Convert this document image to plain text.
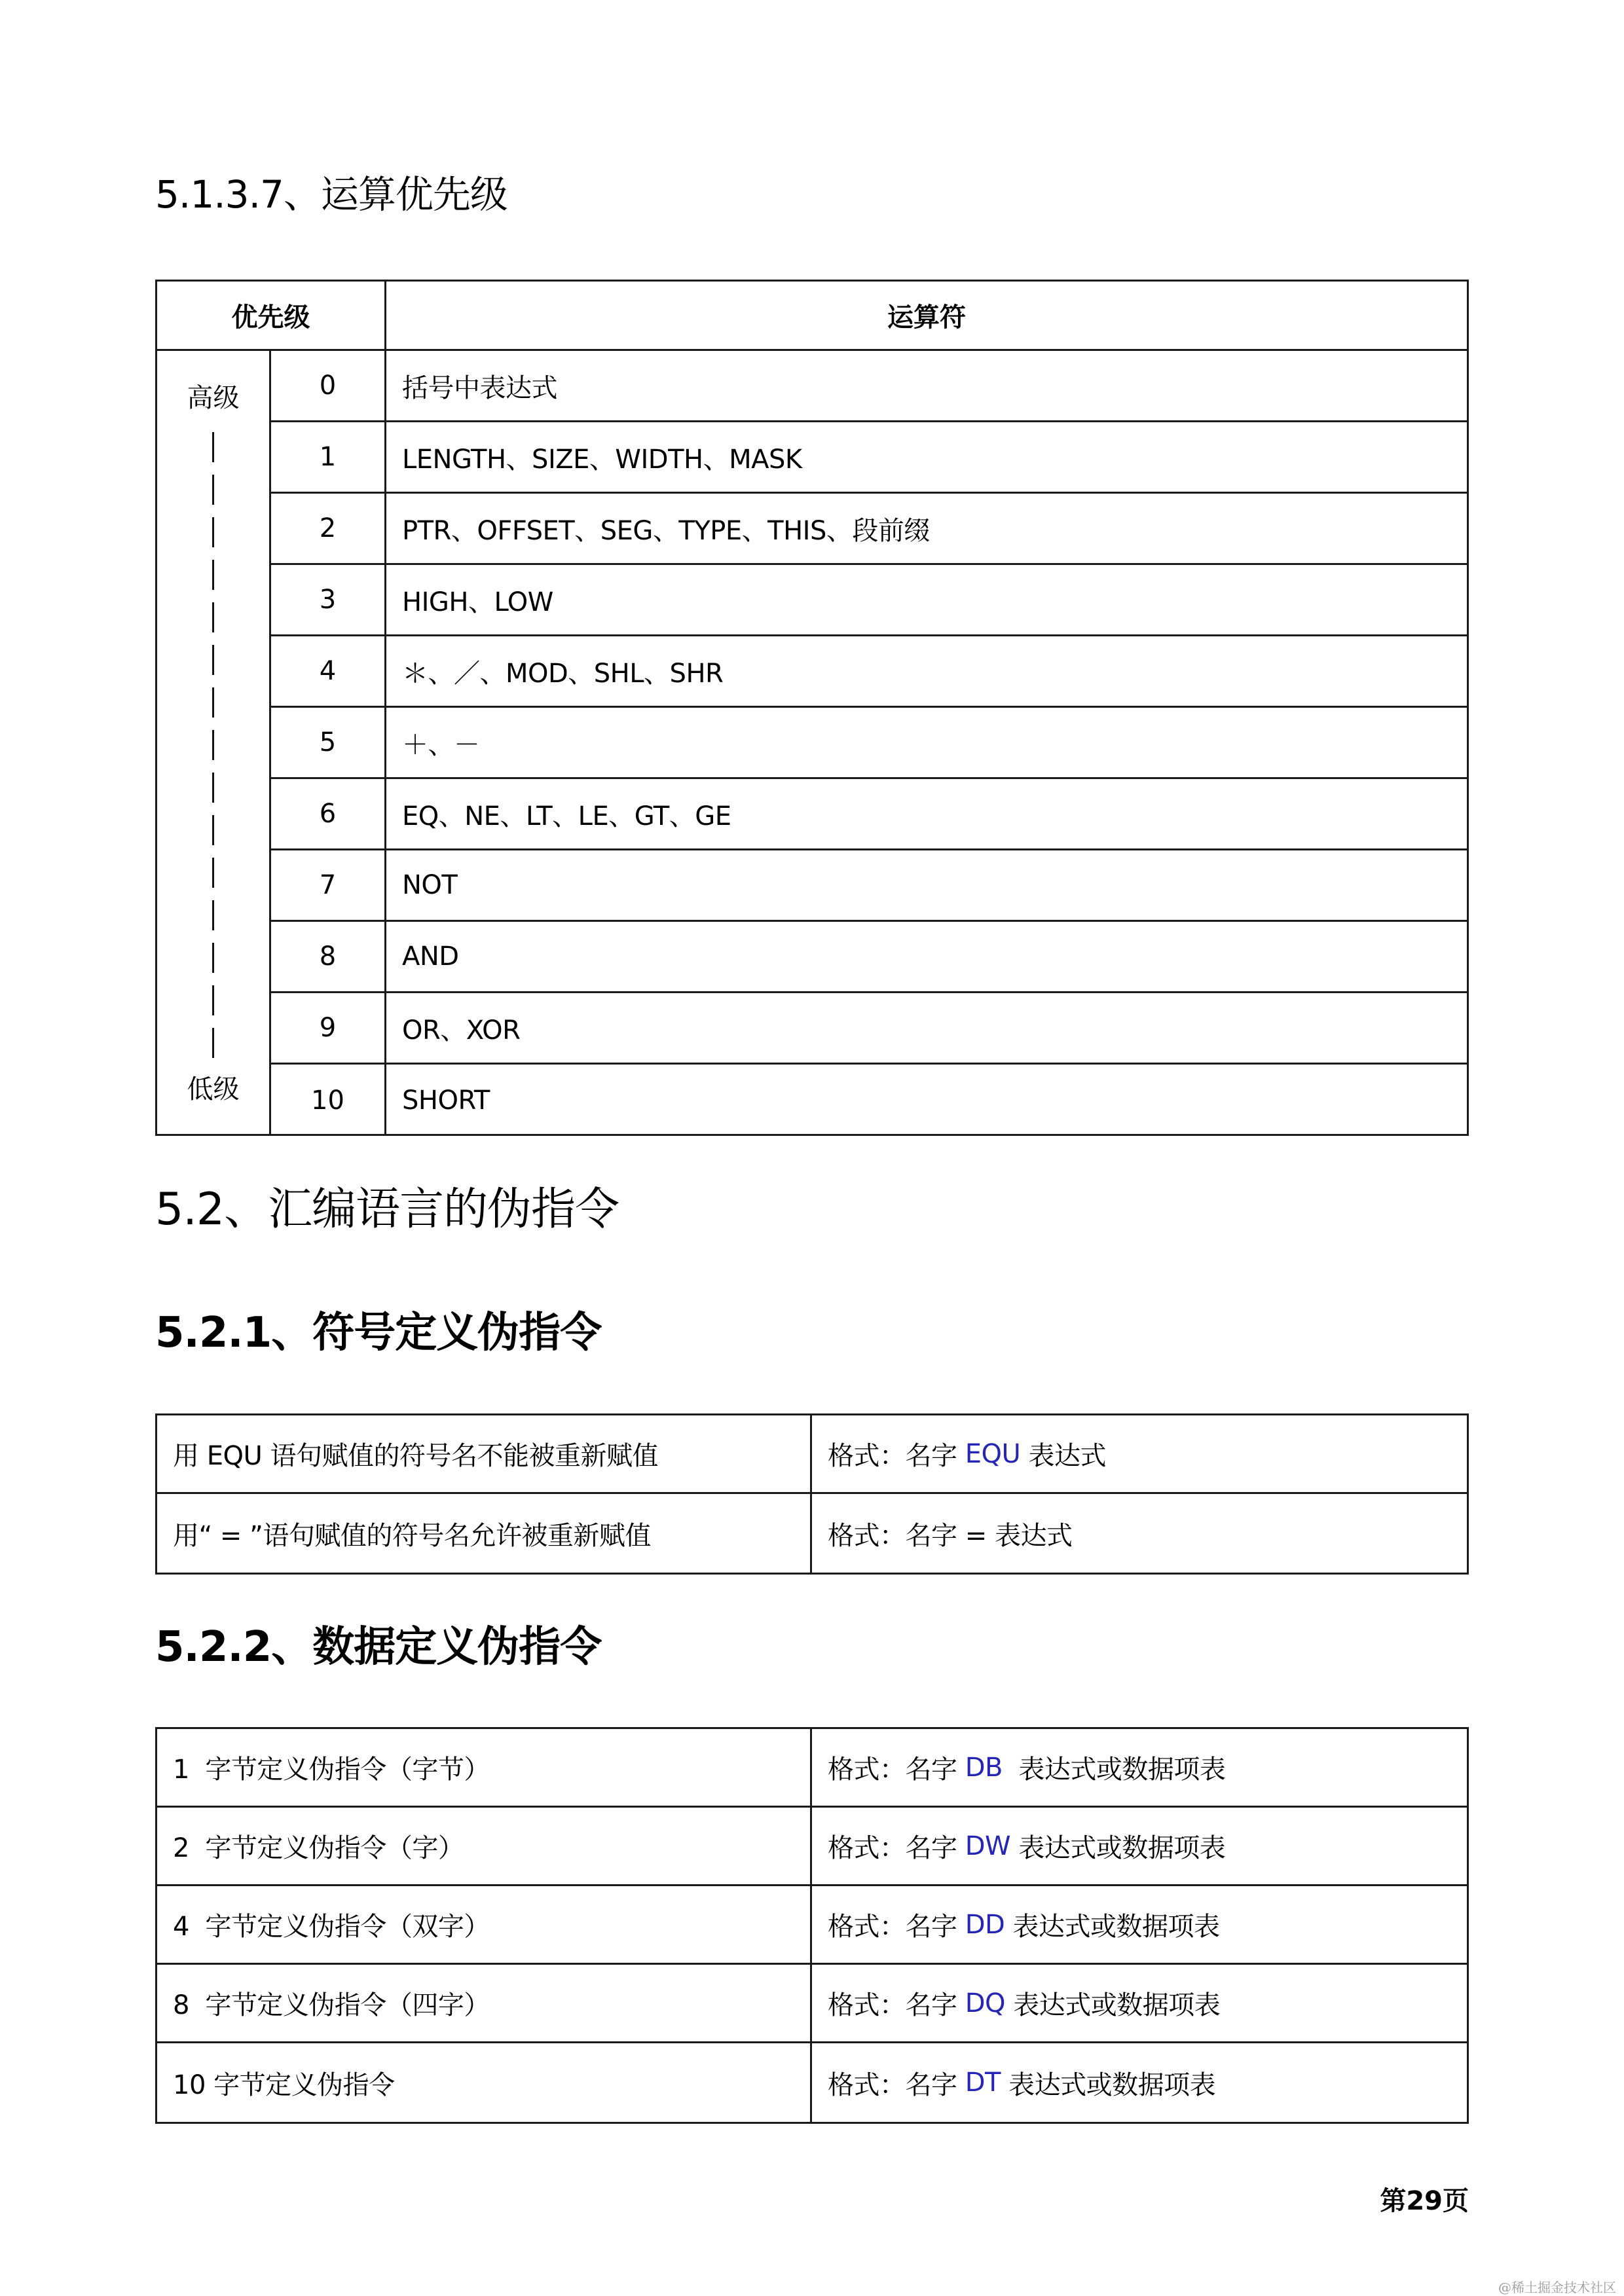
5.1.3.7、运算优先级
优先级	运算符
高级
低级
0	括号中表达式
1	LENGTH、SIZE、WIDTH、MASK
2	PTR、OFFSET、SEG、TYPE、THIS、段前缀
3	HIGH、LOW
4	＊、／、MOD、SHL、SHR
5	＋、－
6	EQ、NE、LT、LE、GT、GE
7	NOT
8	AND
9	OR、XOR
10	SHORT
5.2、汇编语言的伪指令
5.2.1、符号定义伪指令
用 EQU 语句赋值的符号名不能被重新赋值	格式：名字 EQU 表达式
用“ = ”语句赋值的符号名允许被重新赋值	格式：名字 = 表达式
5.2.2、数据定义伪指令
1  字节定义伪指令（字节）	格式：名字 DB 表达式或数据项表
2  字节定义伪指令（字）	格式：名字 DW 表达式或数据项表
4  字节定义伪指令（双字）	格式：名字 DD 表达式或数据项表
8  字节定义伪指令（四字）	格式：名字 DQ 表达式或数据项表
10 字节定义伪指令	格式：名字 DT 表达式或数据项表
第29页
@稀土掘金技术社区
